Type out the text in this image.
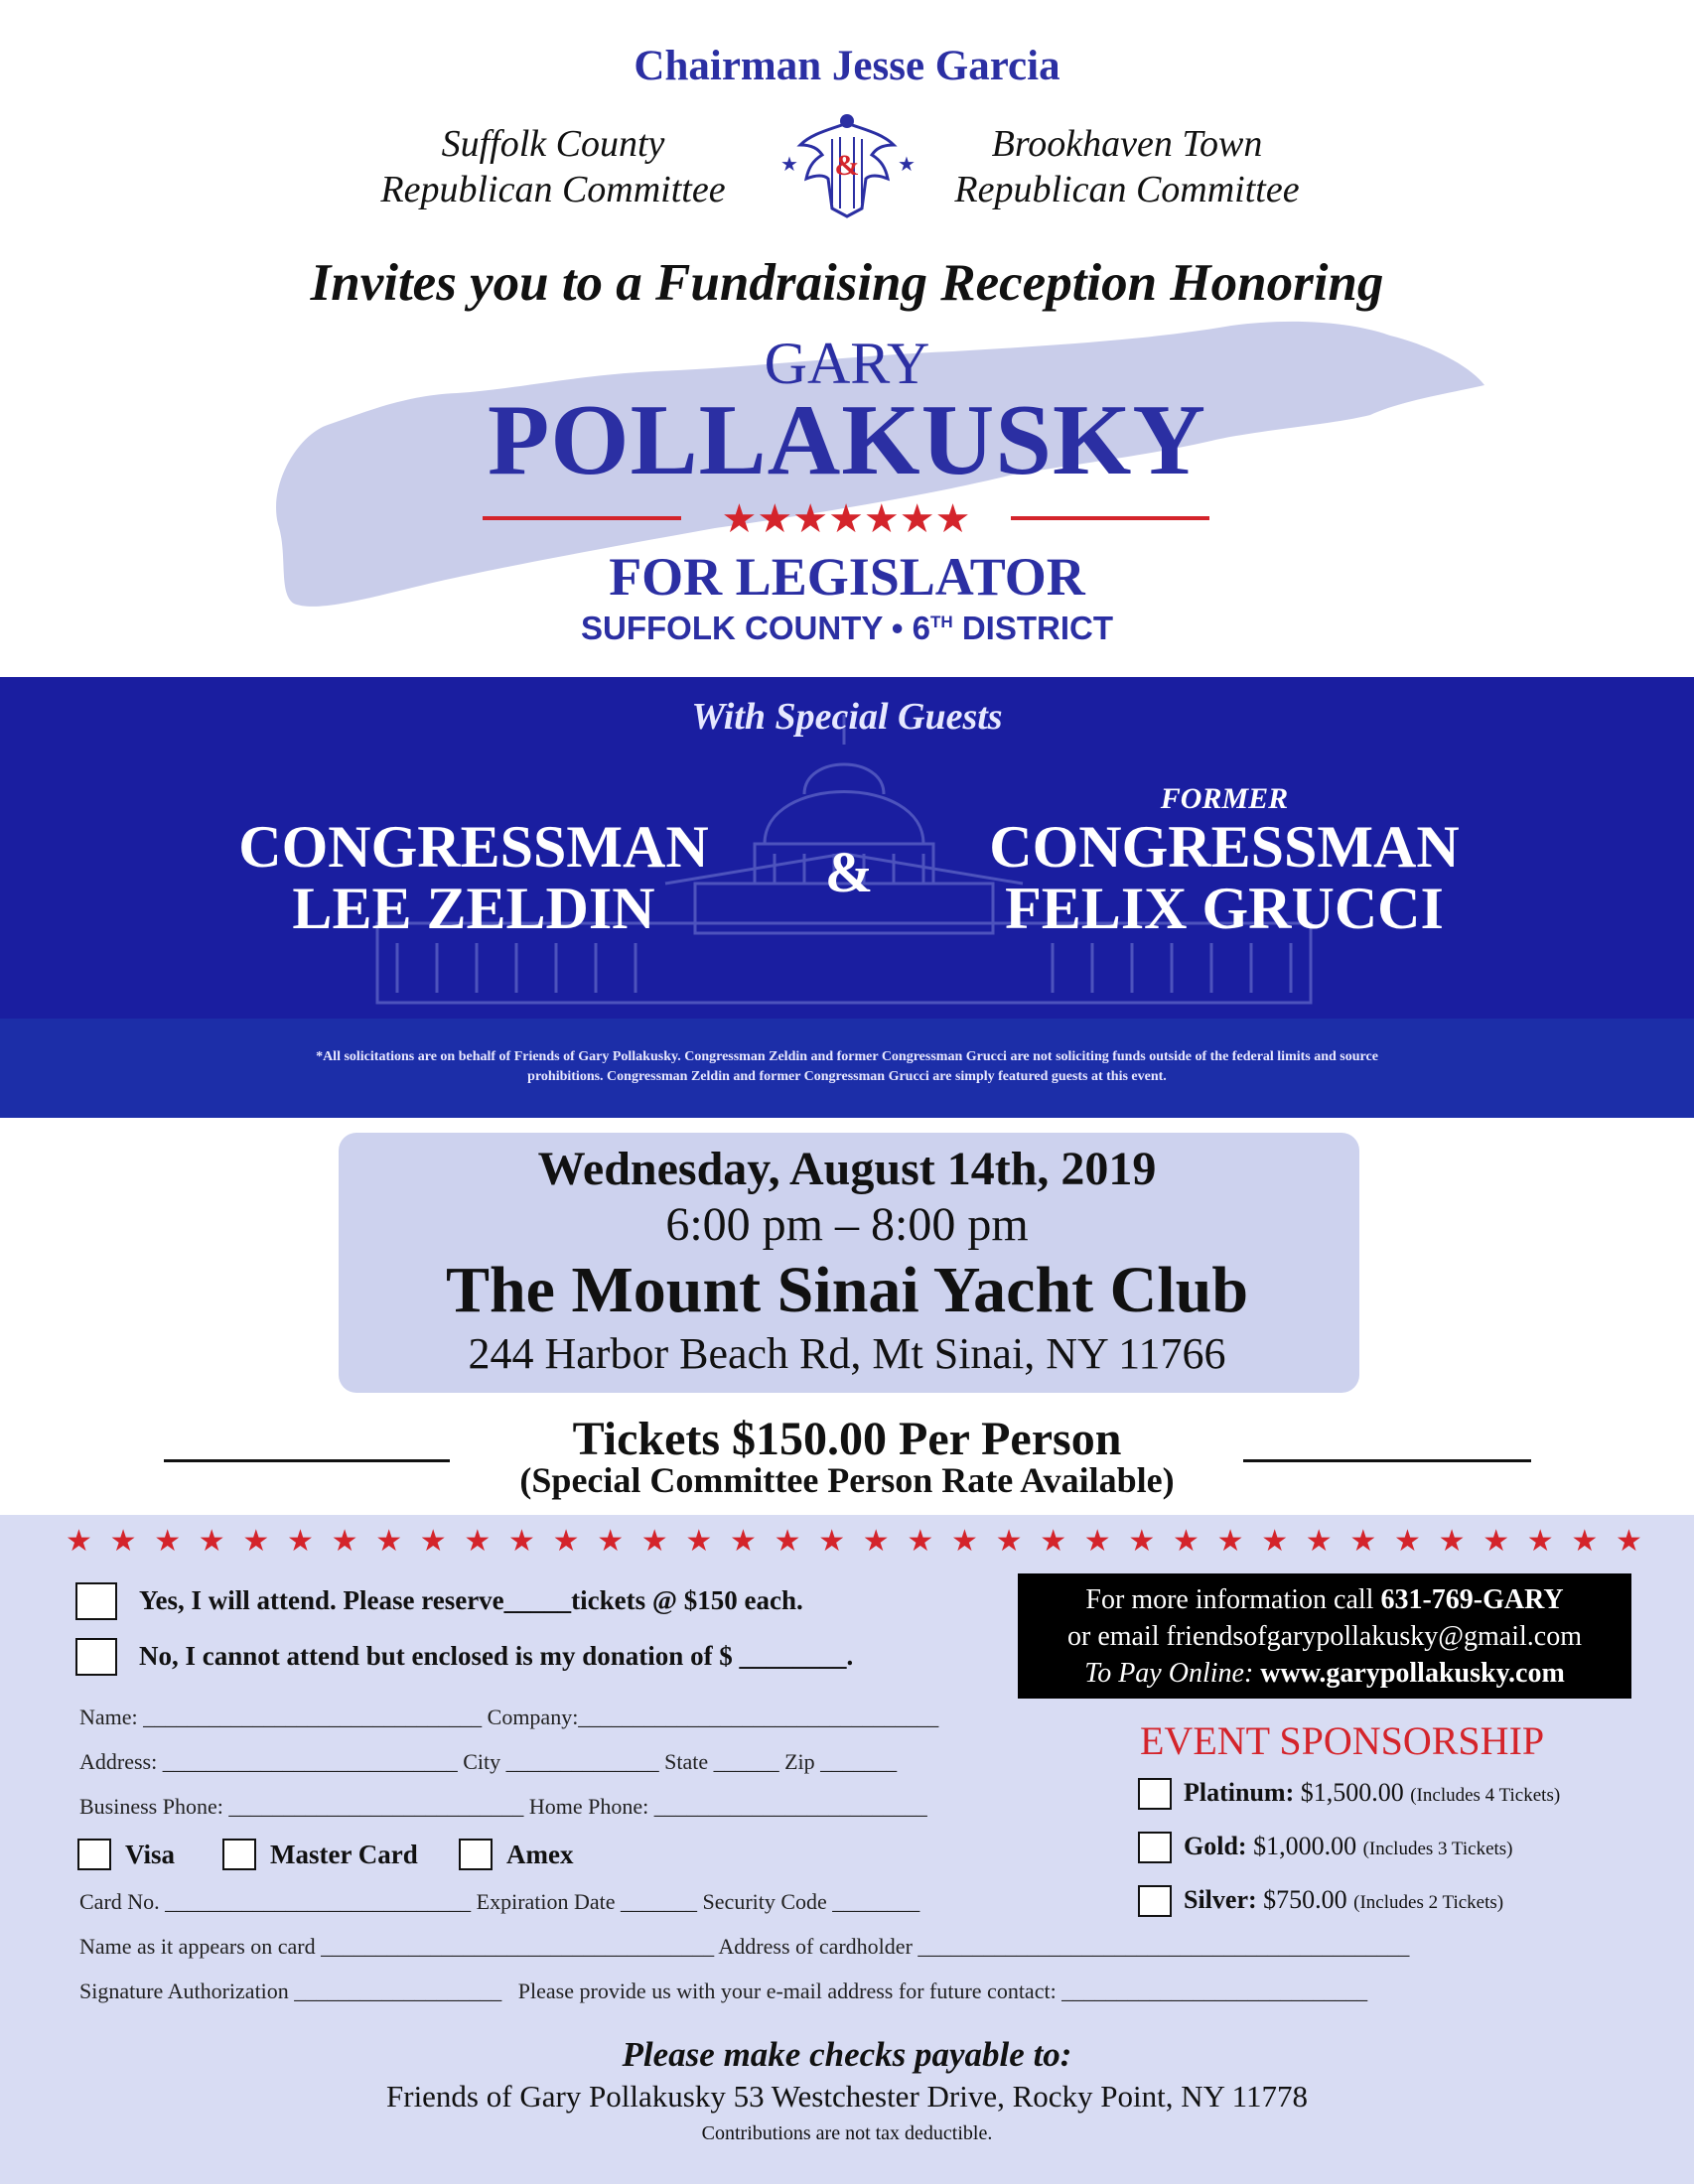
Chairman Jesse Garcia
Suffolk County
Republican Committee
★	★
&
Brookhaven Town
Republican Committee
Invites you to a Fundraising Reception Honoring
GARY
POLLAKUSKY
★★★★★★★
FOR LEGISLATOR
SUFFOLK COUNTY • 6TH DISTRICT
With Special Guests
CONGRESSMAN
LEE ZELDIN
&
FORMER
CONGRESSMAN
FELIX GRUCCI
*All solicitations are on behalf of Friends of Gary Pollakusky. Congressman Zeldin and former Congressman Grucci are not soliciting funds outside of the federal limits and source prohibitions. Congressman Zeldin and former Congressman Grucci are simply featured guests at this event.
Wednesday, August 14th, 2019
6:00 pm – 8:00 pm
The Mount Sinai Yacht Club
244 Harbor Beach Rd, Mt Sinai, NY 11766
Tickets $150.00 Per Person
(Special Committee Person Rate Available)
★ ★ ★ ★ ★ ★ ★ ★ ★ ★ ★ ★ ★ ★ ★ ★ ★ ★ ★ ★ ★ ★ ★ ★ ★ ★ ★ ★ ★ ★ ★ ★ ★ ★ ★ ★
Yes, I will attend. Please reserve_____tickets @ $150 each.
No, I cannot attend but enclosed is my donation of $ ________.
For more information call 631-769-GARY
or email friendsofgarypollakusky@gmail.com
To Pay Online: www.garypollakusky.com
Name: _______________________________ Company:_________________________________
Address: ___________________________ City ______________ State ______ Zip _______
Business Phone: ___________________________ Home Phone: _________________________
Visa	Master Card	Amex
Card No. ____________________________ Expiration Date _______ Security Code ________
Name as it appears on card ____________________________________ Address of cardholder _____________________________________________
Signature Authorization ___________________   Please provide us with your e-mail address for future contact: ____________________________
EVENT SPONSORSHIP
Platinum: $1,500.00 (Includes 4 Tickets)
Gold: $1,000.00 (Includes 3 Tickets)
Silver: $750.00 (Includes 2 Tickets)
Please make checks payable to:
Friends of Gary Pollakusky 53 Westchester Drive, Rocky Point, NY 11778
Contributions are not tax deductible.
